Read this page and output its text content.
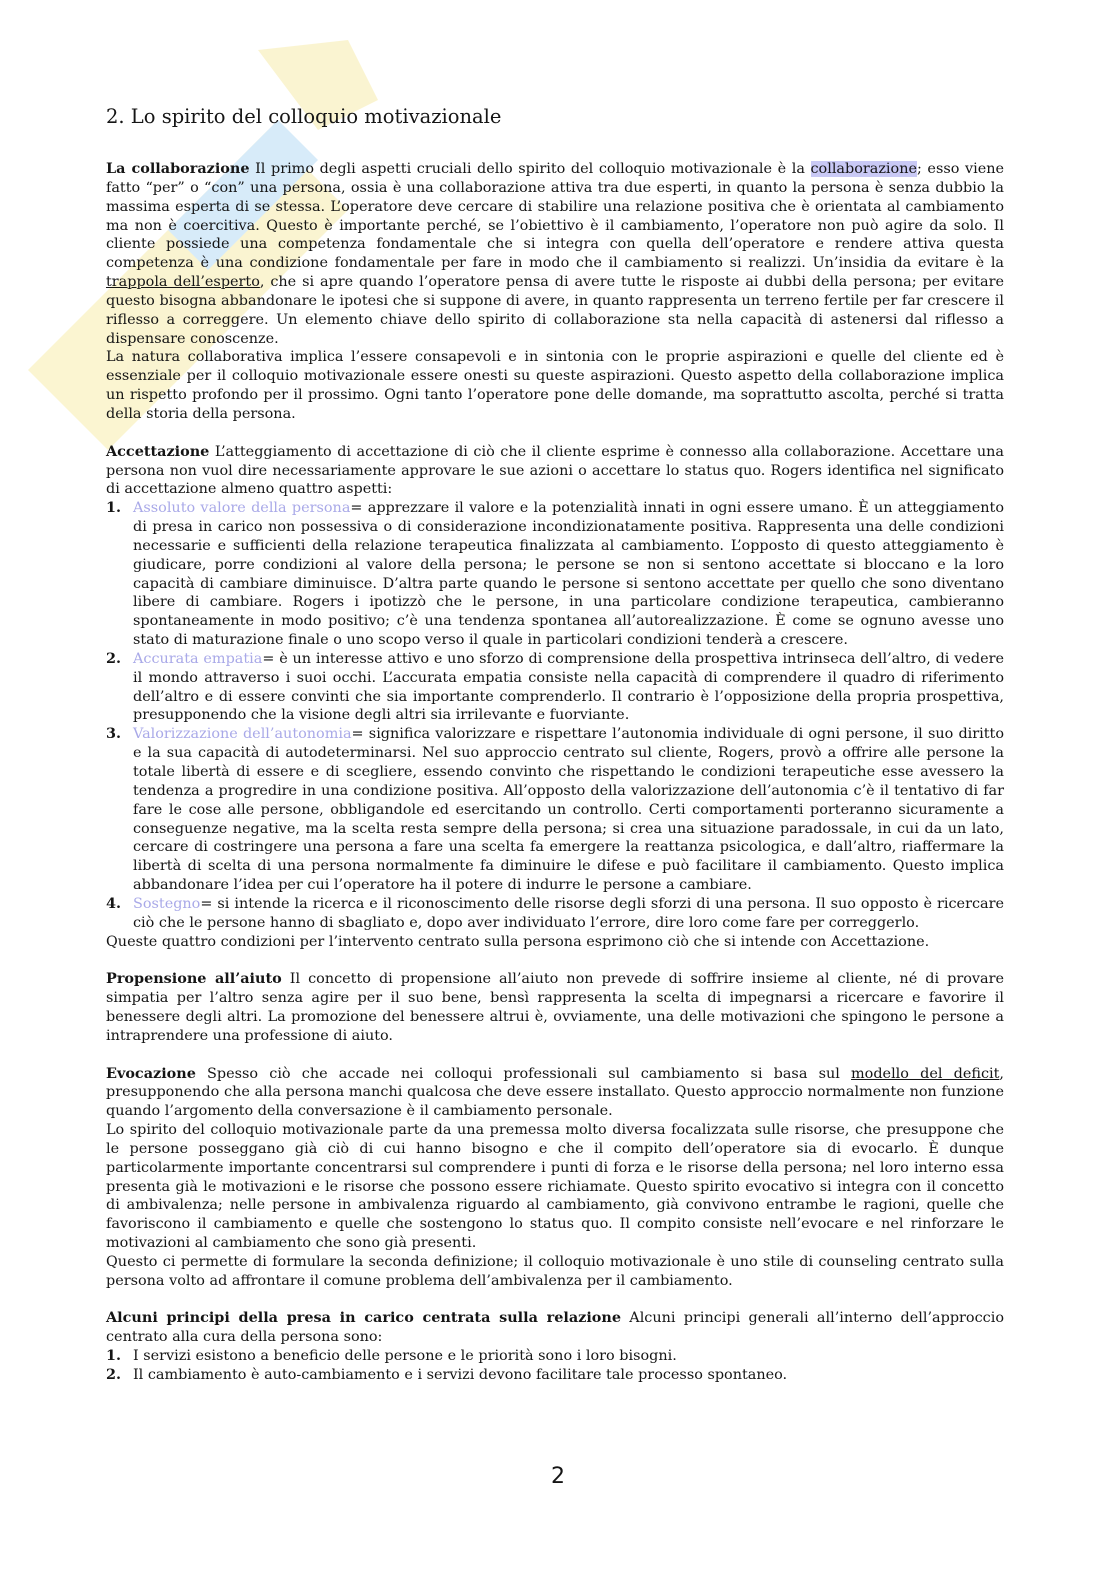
2. Lo spirito del colloquio motivazionale

La collaborazione Il primo degli aspetti cruciali dello spirito del colloquio motivazionale è la collaborazione; esso viene fatto “per” o “con” una persona, ossia è una collaborazione attiva tra due esperti, in quanto la persona è senza dubbio la massima esperta di se stessa. L’operatore deve cercare di stabilire una relazione positiva che è orientata al cambiamento ma non è coercitiva. Questo è importante perché, se l’obiettivo è il cambiamento, l’operatore non può agire da solo. Il cliente possiede una competenza fondamentale che si integra con quella dell’operatore e rendere attiva questa competenza è una condizione fondamentale per fare in modo che il cambiamento si realizzi. Un’insidia da evitare è la trappola dell’esperto, che si apre quando l’operatore pensa di avere tutte le risposte ai dubbi della persona; per evitare questo bisogna abbandonare le ipotesi che si suppone di avere, in quanto rappresenta un terreno fertile per far crescere il riflesso a correggere. Un elemento chiave dello spirito di collaborazione sta nella capacità di astenersi dal riflesso a dispensare conoscenze.

La natura collaborativa implica l’essere consapevoli e in sintonia con le proprie aspirazioni e quelle del cliente ed è essenziale per il colloquio motivazionale essere onesti su queste aspirazioni. Questo aspetto della collaborazione implica un rispetto profondo per il prossimo. Ogni tanto l’operatore pone delle domande, ma soprattutto ascolta, perché si tratta della storia della persona.

Accettazione L’atteggiamento di accettazione di ciò che il cliente esprime è connesso alla collaborazione. Accettare una persona non vuol dire necessariamente approvare le sue azioni o accettare lo status quo. Rogers identifica nel significato di accettazione almeno quattro aspetti:

1. Assoluto valore della persona= apprezzare il valore e la potenzialità innati in ogni essere umano. È un atteggiamento di presa in carico non possessiva o di considerazione incondizionatamente positiva. Rappresenta una delle condizioni necessarie e sufficienti della relazione terapeutica finalizzata al cambiamento. L’opposto di questo atteggiamento è giudicare, porre condizioni al valore della persona; le persone se non si sentono accettate si bloccano e la loro capacità di cambiare diminuisce. D’altra parte quando le persone si sentono accettate per quello che sono diventano libere di cambiare. Rogers i ipotizzò che le persone, in una particolare condizione terapeutica, cambieranno spontaneamente in modo positivo; c’è una tendenza spontanea all’autorealizzazione. È come se ognuno avesse uno stato di maturazione finale o uno scopo verso il quale in particolari condizioni tenderà a crescere.
2. Accurata empatia= è un interesse attivo e uno sforzo di comprensione della prospettiva intrinseca dell’altro, di vedere il mondo attraverso i suoi occhi. L’accurata empatia consiste nella capacità di comprendere il quadro di riferimento dell’altro e di essere convinti che sia importante comprenderlo. Il contrario è l’opposizione della propria prospettiva, presupponendo che la visione degli altri sia irrilevante e fuorviante.
3. Valorizzazione dell’autonomia= significa valorizzare e rispettare l’autonomia individuale di ogni persone, il suo diritto e la sua capacità di autodeterminarsi. Nel suo approccio centrato sul cliente, Rogers, provò a offrire alle persone la totale libertà di essere e di scegliere, essendo convinto che rispettando le condizioni terapeutiche esse avessero la tendenza a progredire in una condizione positiva. All’opposto della valorizzazione dell’autonomia c’è il tentativo di far fare le cose alle persone, obbligandole ed esercitando un controllo. Certi comportamenti porteranno sicuramente a conseguenze negative, ma la scelta resta sempre della persona; si crea una situazione paradossale, in cui da un lato, cercare di costringere una persona a fare una scelta fa emergere la reattanza psicologica, e dall’altro, riaffermare la libertà di scelta di una persona normalmente fa diminuire le difese e può facilitare il cambiamento. Questo implica abbandonare l’idea per cui l’operatore ha il potere di indurre le persone a cambiare.
4. Sostegno= si intende la ricerca e il riconoscimento delle risorse degli sforzi di una persona. Il suo opposto è ricercare ciò che le persone hanno di sbagliato e, dopo aver individuato l’errore, dire loro come fare per correggerlo.

Queste quattro condizioni per l’intervento centrato sulla persona esprimono ciò che si intende con Accettazione.

Propensione all’aiuto Il concetto di propensione all’aiuto non prevede di soffrire insieme al cliente, né di provare simpatia per l’altro senza agire per il suo bene, bensì rappresenta la scelta di impegnarsi a ricercare e favorire il benessere degli altri. La promozione del benessere altrui è, ovviamente, una delle motivazioni che spingono le persone a intraprendere una professione di aiuto.

Evocazione Spesso ciò che accade nei colloqui professionali sul cambiamento si basa sul modello del deficit, presupponendo che alla persona manchi qualcosa che deve essere installato. Questo approccio normalmente non funzione quando l’argomento della conversazione è il cambiamento personale.

Lo spirito del colloquio motivazionale parte da una premessa molto diversa focalizzata sulle risorse, che presuppone che le persone posseggano già ciò di cui hanno bisogno e che il compito dell’operatore sia di evocarlo. È dunque particolarmente importante concentrarsi sul comprendere i punti di forza e le risorse della persona; nel loro interno essa presenta già le motivazioni e le risorse che possono essere richiamate. Questo spirito evocativo si integra con il concetto di ambivalenza; nelle persone in ambivalenza riguardo al cambiamento, già convivono entrambe le ragioni, quelle che favoriscono il cambiamento e quelle che sostengono lo status quo. Il compito consiste nell’evocare e nel rinforzare le motivazioni al cambiamento che sono già presenti.

Questo ci permette di formulare la seconda definizione; il colloquio motivazionale è uno stile di counseling centrato sulla persona volto ad affrontare il comune problema dell’ambivalenza per il cambiamento.

Alcuni principi della presa in carico centrata sulla relazione Alcuni principi generali all’interno dell’approccio centrato alla cura della persona sono:

1. I servizi esistono a beneficio delle persone e le priorità sono i loro bisogni.
2. Il cambiamento è auto-cambiamento e i servizi devono facilitare tale processo spontaneo.
2
